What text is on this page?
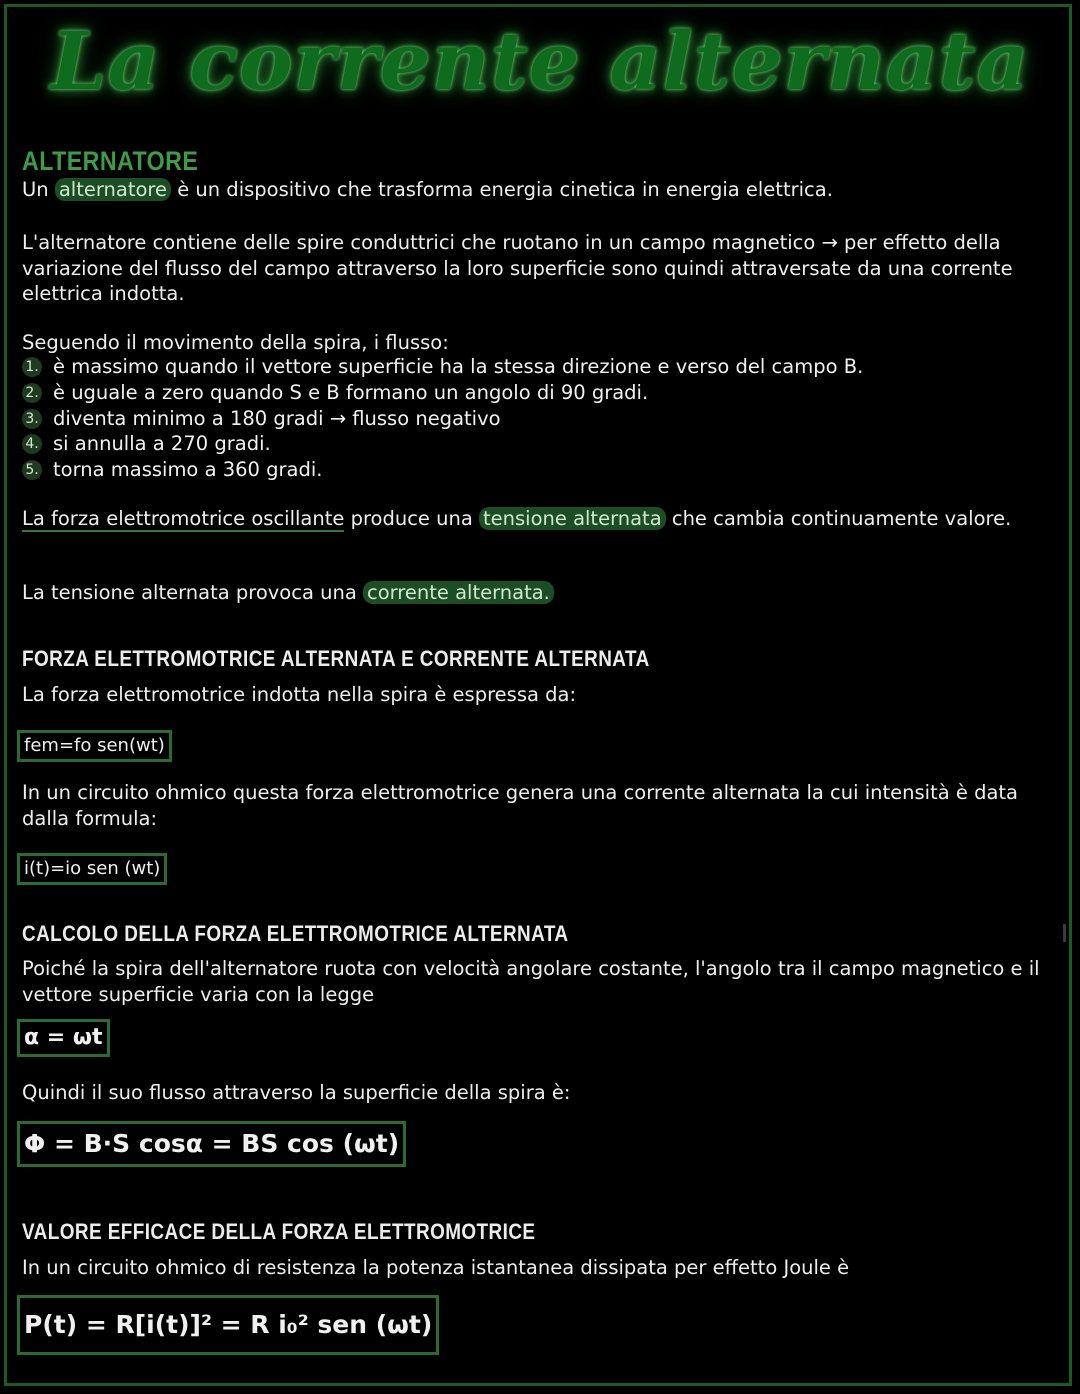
La corrente alternata
ALTERNATORE
Un alternatore è un dispositivo che trasforma energia cinetica in energia elettrica.
L'alternatore contiene delle spire conduttrici che ruotano in un campo magnetico → per effetto della variazione del flusso del campo attraverso la loro superficie sono quindi attraversate da una corrente elettrica indotta.
Seguendo il movimento della spira, i flusso:
1. è massimo quando il vettore superficie ha la stessa direzione e verso del campo B.
2. è uguale a zero quando S e B formano un angolo di 90 gradi.
3. diventa minimo a 180 gradi → flusso negativo
4. si annulla a 270 gradi.
5. torna massimo a 360 gradi.
La forza elettromotrice oscillante produce una tensione alternata che cambia continuamente valore.
La tensione alternata provoca una corrente alternata.
FORZA ELETTROMOTRICE ALTERNATA E CORRENTE ALTERNATA
La forza elettromotrice indotta nella spira è espressa da:
fem=fo sen(wt)
In un circuito ohmico questa forza elettromotrice genera una corrente alternata la cui intensità è data dalla formula:
i(t)=io sen (wt)
CALCOLO DELLA FORZA ELETTROMOTRICE ALTERNATA
Poiché la spira dell'alternatore ruota con velocità angolare costante, l'angolo tra il campo magnetico e il vettore superficie varia con la legge
α = ωt
Quindi il suo flusso attraverso la superficie della spira è:
Φ = B·S cosα = BS cos (ωt)
VALORE EFFICACE DELLA FORZA ELETTROMOTRICE
In un circuito ohmico di resistenza la potenza istantanea dissipata per effetto Joule è
P(t) = R[i(t)]² = R i₀² sen (ωt)
